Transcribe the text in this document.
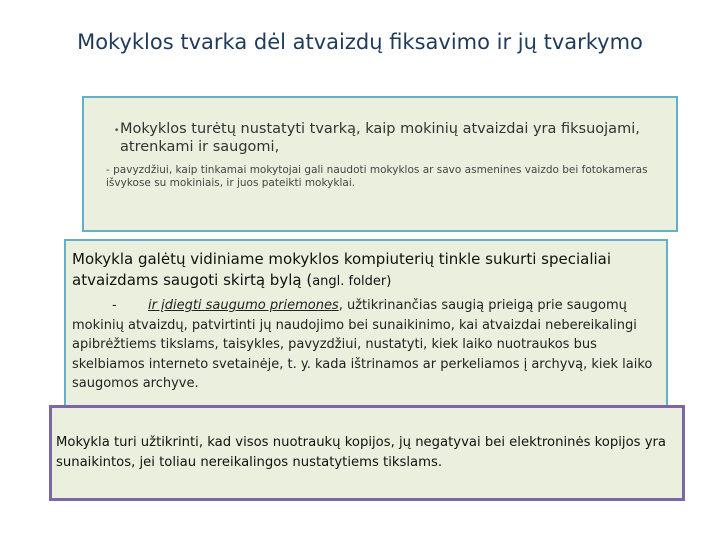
Mokyklos tvarka dėl atvaizdų fiksavimo ir jų tvarkymo
• Mokyklos turėtų nustatyti tvarką, kaip mokinių atvaizdai yra fiksuojami, atrenkami ir saugomi,
- pavyzdžiui, kaip tinkamai mokytojai gali naudoti mokyklos ar savo asmenines vaizdo bei fotokameras išvykose su mokiniais, ir juos pateikti mokyklai.
Mokykla galėtų vidiniame mokyklos kompiuterių tinkle sukurti specialiai atvaizdams saugoti skirtą bylą (angl. folder)
- ir įdiegti saugumo priemones, užtikrinančias saugią prieigą prie saugomų mokinių atvaizdų, patvirtinti jų naudojimo bei sunaikinimo, kai atvaizdai nebereikalingi apibrėžtiems tikslams, taisykles, pavyzdžiui, nustatyti, kiek laiko nuotraukos bus skelbiamos interneto svetainėje, t. y. kada ištrinamos ar perkeliamos į archyvą, kiek laiko saugomos archyve.
Mokykla turi užtikrinti, kad visos nuotraukų kopijos, jų negatyvai bei elektroninės kopijos yra sunaikintos, jei toliau nereikalingos nustatytiems tikslams.
